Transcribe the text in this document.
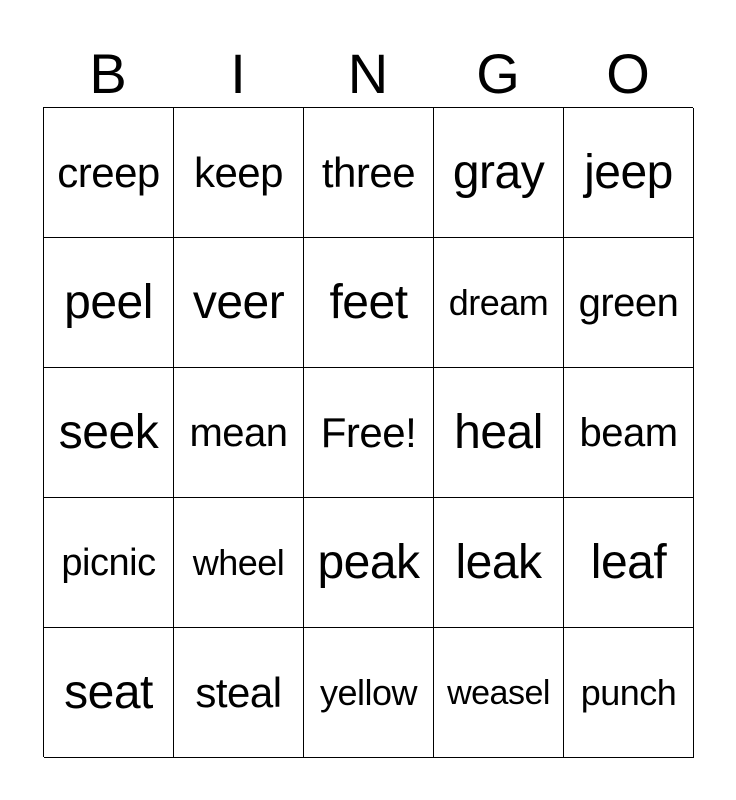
B	I	N	G	O
creep keep three gray jeep
peel veer feet	dream green
seek mean Free! heal beam
picnic	wheel peak leak	leaf
seat	steal	yellow weasel punch
